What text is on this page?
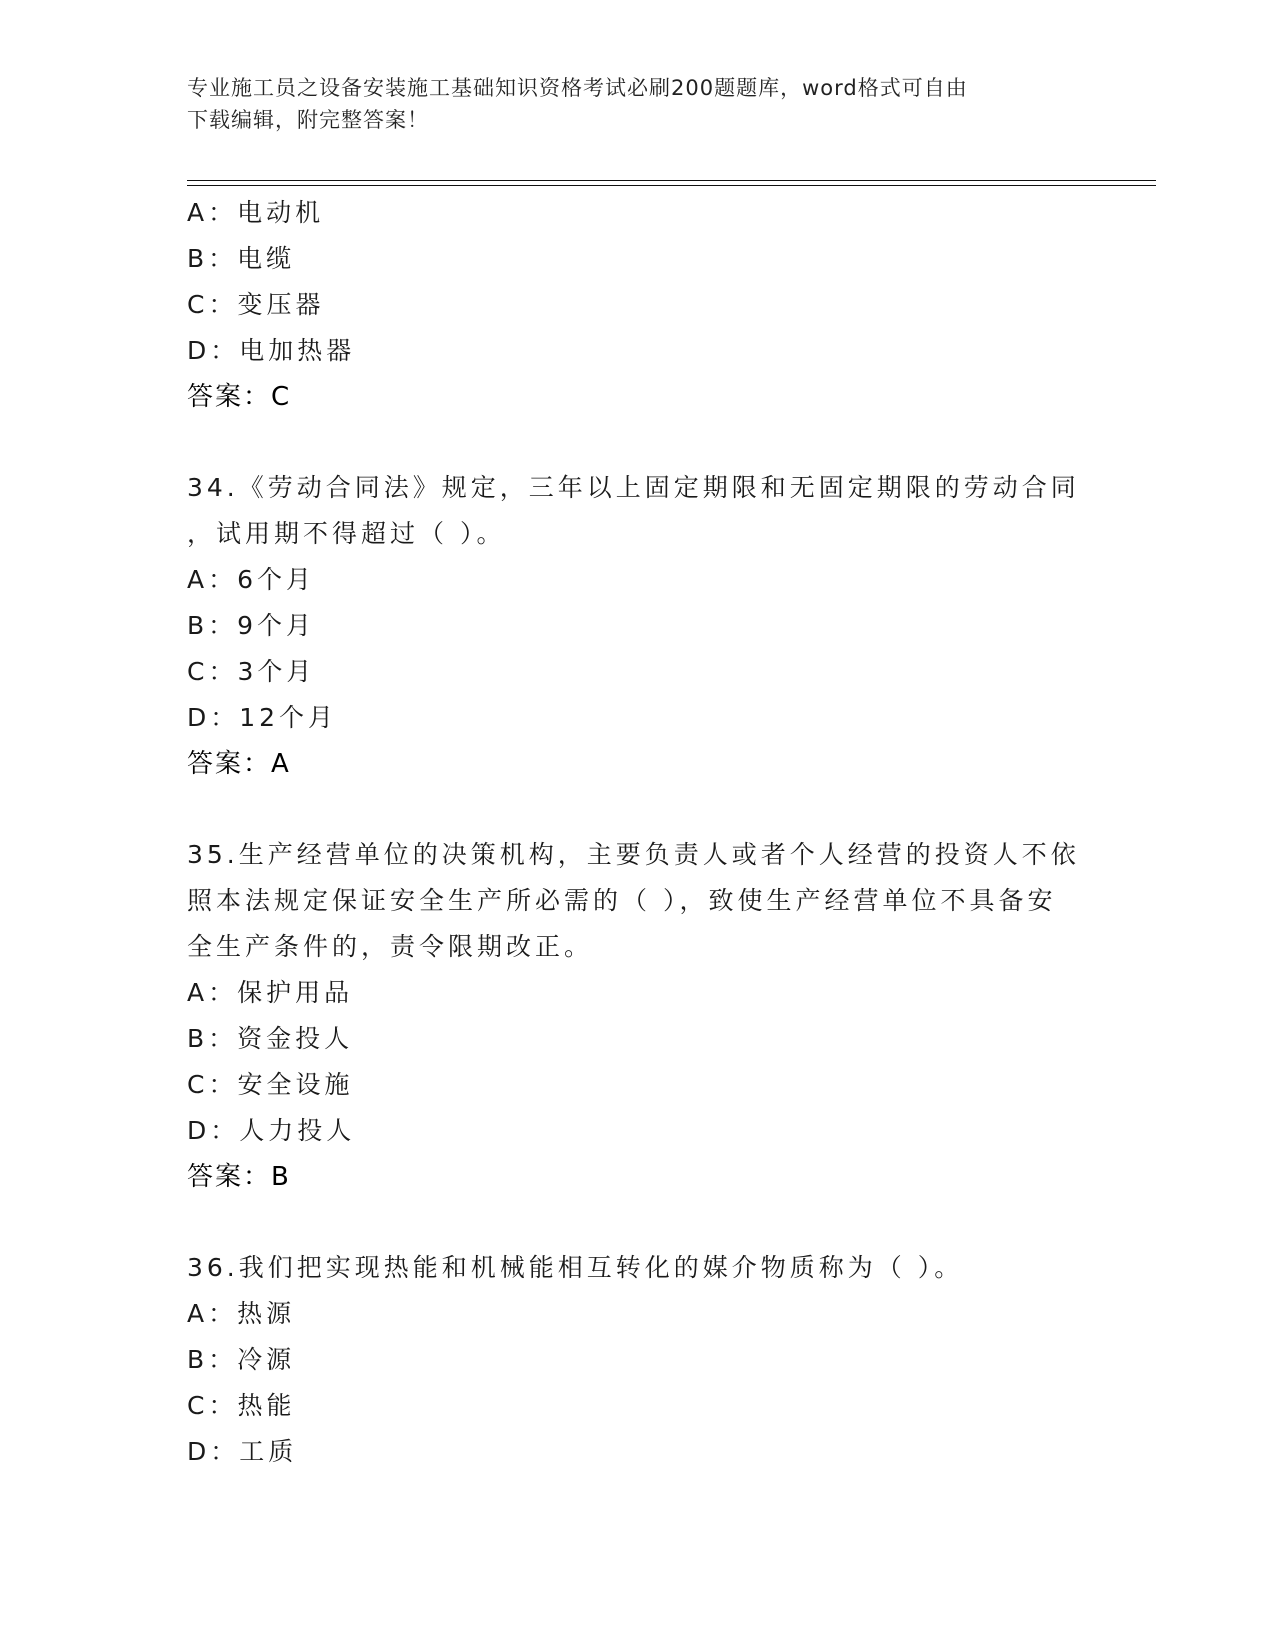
专业施工员之设备安装施工基础知识资格考试必刷200题题库，word格式可自由
下载编辑，附完整答案！
A：电动机
B：电缆
C：变压器
D：电加热器
答案：C
34.《劳动合同法》规定，三年以上固定期限和无固定期限的劳动合同
，试用期不得超过（ ）。
A：6个月
B：9个月
C：3个月
D：12个月
答案：A
35.生产经营单位的决策机构，主要负责人或者个人经营的投资人不依
照本法规定保证安全生产所必需的（ ），致使生产经营单位不具备安
全生产条件的，责令限期改正。
A：保护用品
B：资金投人
C：安全设施
D：人力投人
答案：B
36.我们把实现热能和机械能相互转化的媒介物质称为（ ）。
A：热源
B：冷源
C：热能
D：工质
